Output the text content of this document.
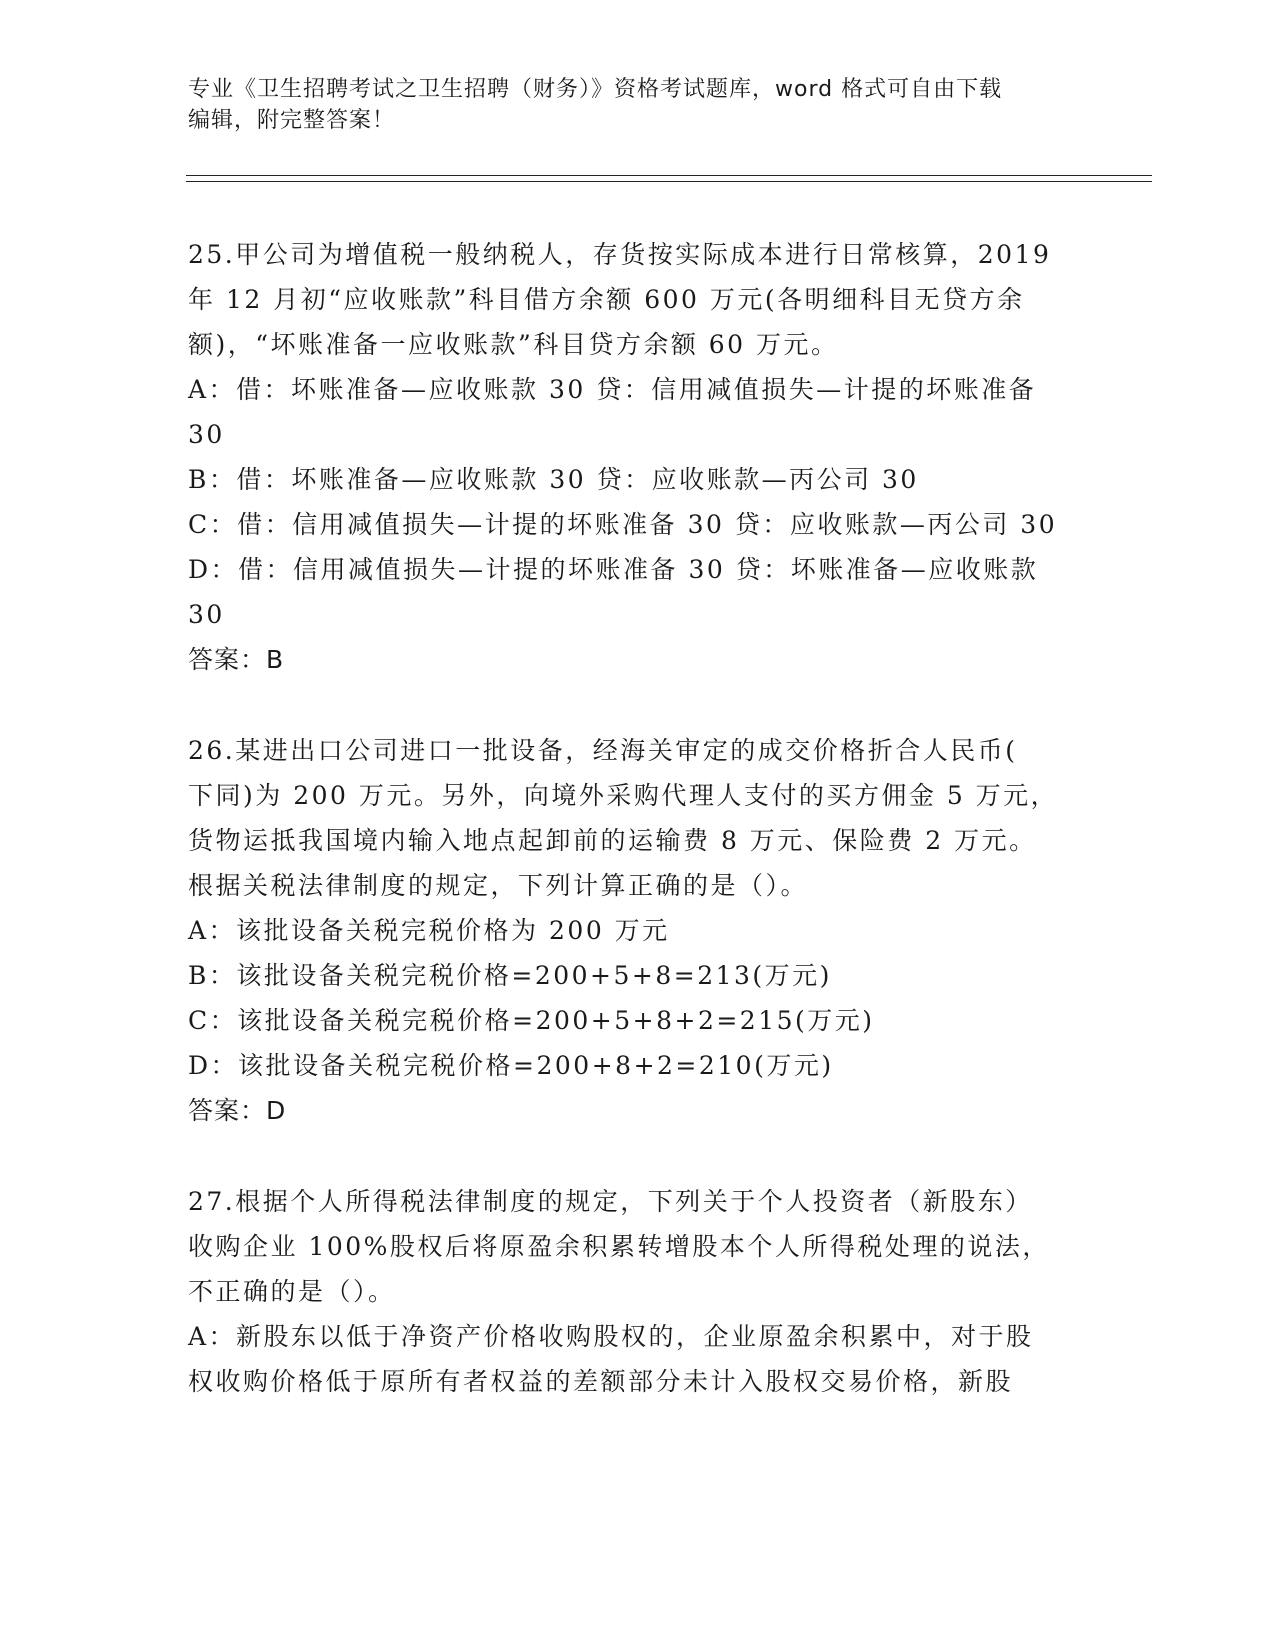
专业《卫生招聘考试之卫生招聘（财务）》资格考试题库，word 格式可自由下载
编辑，附完整答案！
25.甲公司为增值税一般纳税人，存货按实际成本进行日常核算，2019
年 12 月初“应收账款”科目借方余额 600 万元(各明细科目无贷方余
额)，“坏账准备一应收账款”科目贷方余额 60 万元。
A：借：坏账准备—应收账款 30 贷：信用减值损失—计提的坏账准备
30
B：借：坏账准备—应收账款 30 贷：应收账款—丙公司 30
C：借：信用减值损失—计提的坏账准备 30 贷：应收账款—丙公司 30
D：借：信用减值损失—计提的坏账准备 30 贷：坏账准备—应收账款
30
答案：B
26.某进出口公司进口一批设备，经海关审定的成交价格折合人民币(
下同)为 200 万元。另外，向境外采购代理人支付的买方佣金 5 万元，
货物运抵我国境内输入地点起卸前的运输费 8 万元、保险费 2 万元。
根据关税法律制度的规定，下列计算正确的是（）。
A：该批设备关税完税价格为 200 万元
B：该批设备关税完税价格=200+5+8=213(万元)
C：该批设备关税完税价格=200+5+8+2=215(万元)
D：该批设备关税完税价格=200+8+2=210(万元)
答案：D
27.根据个人所得税法律制度的规定，下列关于个人投资者（新股东）
收购企业 100%股权后将原盈余积累转增股本个人所得税处理的说法，
不正确的是（）。
A：新股东以低于净资产价格收购股权的，企业原盈余积累中，对于股
权收购价格低于原所有者权益的差额部分未计入股权交易价格，新股
